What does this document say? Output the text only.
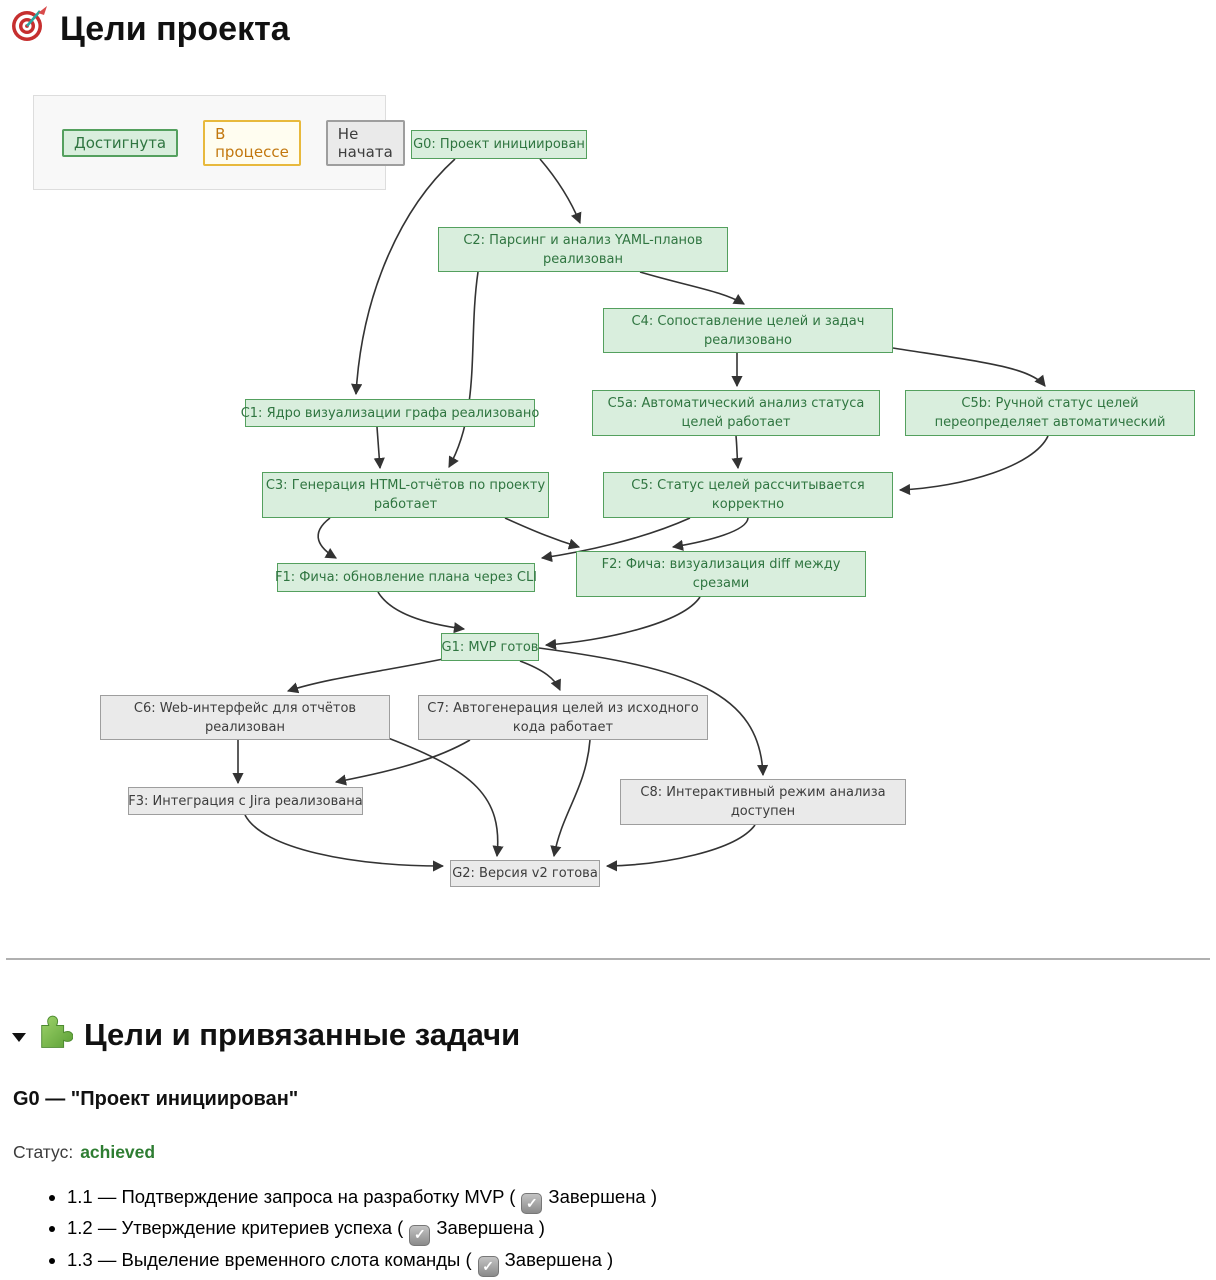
Цели проекта
Достигнута	В процессе
Не начата	G0: Проект инициирован
C2: Парсинг и анализ YAML-планов
реализован
C4: Сопоставление целей и задач
реализовано
C1: Ядро визуализации графа реализовано
C5a: Автоматический анализ статуса
целей работает
C5b: Ручной статус целей
переопределяет автоматический
C3: Генерация HTML-отчётов по проекту
работает
C5: Статус целей рассчитывается
корректно
F1: Фича: обновление плана через CLI
F2: Фича: визуализация diff между
срезами
G1: MVP готов
C6: Web-интерфейс для отчётов
реализован
C7: Автогенерация целей из исходного
кода работает
F3: Интеграция с Jira реализована
C8: Интерактивный режим анализа
доступен
G2: Версия v2 готова
Цели и привязанные задачи
G0 — "Проект инициирован"
Статус: achieved
• 1.1 — Подтверждение запроса на разработку MVP ( ✓ Завершена )
• 1.2 — Утверждение критериев успеха ( ✓ Завершена )
• 1.3 — Выделение временного слота команды ( ✓ Завершена )
